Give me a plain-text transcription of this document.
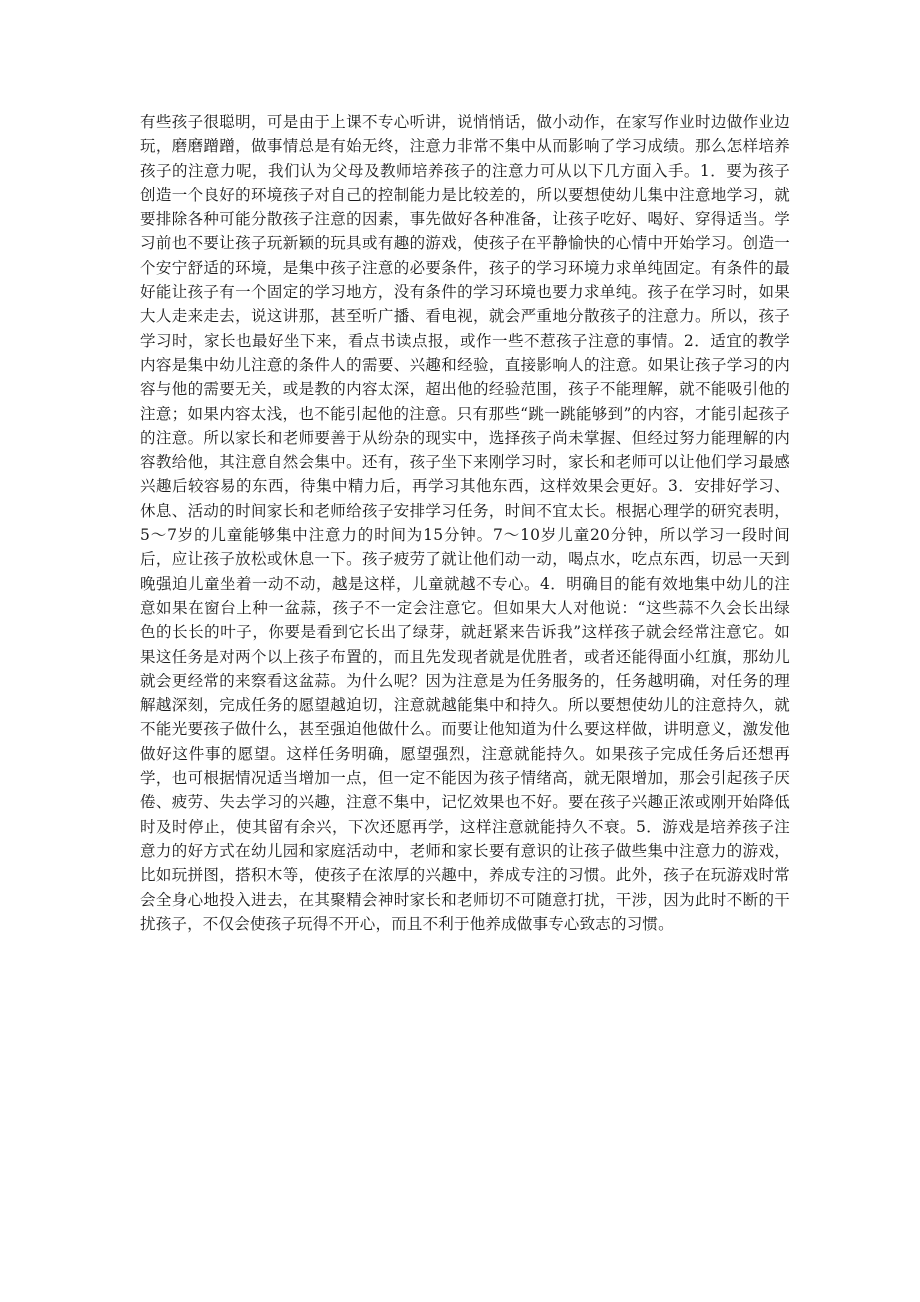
有些孩子很聪明，可是由于上课不专心听讲，说悄悄话，做小动作，在家写作业时边做作业边玩，磨磨蹭蹭，做事情总是有始无终，注意力非常不集中从而影响了学习成绩。那么怎样培养孩子的注意力呢，我们认为父母及教师培养孩子的注意力可从以下几方面入手。1．要为孩子创造一个良好的环境孩子对自己的控制能力是比较差的，所以要想使幼儿集中注意地学习，就要排除各种可能分散孩子注意的因素，事先做好各种准备，让孩子吃好、喝好、穿得适当。学习前也不要让孩子玩新颖的玩具或有趣的游戏，使孩子在平静愉快的心情中开始学习。创造一个安宁舒适的环境，是集中孩子注意的必要条件，孩子的学习环境力求单纯固定。有条件的最好能让孩子有一个固定的学习地方，没有条件的学习环境也要力求单纯。孩子在学习时，如果大人走来走去，说这讲那，甚至听广播、看电视，就会严重地分散孩子的注意力。所以，孩子学习时，家长也最好坐下来，看点书读点报，或作一些不惹孩子注意的事情。2．适宜的教学内容是集中幼儿注意的条件人的需要、兴趣和经验，直接影响人的注意。如果让孩子学习的内容与他的需要无关，或是教的内容太深，超出他的经验范围，孩子不能理解，就不能吸引他的注意；如果内容太浅，也不能引起他的注意。只有那些“跳一跳能够到”的内容，才能引起孩子的注意。所以家长和老师要善于从纷杂的现实中，选择孩子尚未掌握、但经过努力能理解的内容教给他，其注意自然会集中。还有，孩子坐下来刚学习时，家长和老师可以让他们学习最感兴趣后较容易的东西，待集中精力后，再学习其他东西，这样效果会更好。3．安排好学习、休息、活动的时间家长和老师给孩子安排学习任务，时间不宜太长。根据心理学的研究表明，5～7岁的儿童能够集中注意力的时间为15分钟。7～10岁儿童20分钟，所以学习一段时间后，应让孩子放松或休息一下。孩子疲劳了就让他们动一动，喝点水，吃点东西，切忌一天到晚强迫儿童坐着一动不动，越是这样，儿童就越不专心。4．明确目的能有效地集中幼儿的注意如果在窗台上种一盆蒜，孩子不一定会注意它。但如果大人对他说：“这些蒜不久会长出绿色的长长的叶子，你要是看到它长出了绿芽，就赶紧来告诉我”这样孩子就会经常注意它。如果这任务是对两个以上孩子布置的，而且先发现者就是优胜者，或者还能得面小红旗，那幼儿就会更经常的来察看这盆蒜。为什么呢？因为注意是为任务服务的，任务越明确，对任务的理解越深刻，完成任务的愿望越迫切，注意就越能集中和持久。所以要想使幼儿的注意持久，就不能光要孩子做什么，甚至强迫他做什么。而要让他知道为什么要这样做，讲明意义，激发他做好这件事的愿望。这样任务明确，愿望强烈，注意就能持久。如果孩子完成任务后还想再学，也可根据情况适当增加一点，但一定不能因为孩子情绪高，就无限增加，那会引起孩子厌倦、疲劳、失去学习的兴趣，注意不集中，记忆效果也不好。要在孩子兴趣正浓或刚开始降低时及时停止，使其留有余兴，下次还愿再学，这样注意就能持久不衰。5．游戏是培养孩子注意力的好方式在幼儿园和家庭活动中，老师和家长要有意识的让孩子做些集中注意力的游戏，比如玩拼图，搭积木等，使孩子在浓厚的兴趣中，养成专注的习惯。此外，孩子在玩游戏时常会全身心地投入进去，在其聚精会神时家长和老师切不可随意打扰，干涉，因为此时不断的干扰孩子，不仅会使孩子玩得不开心，而且不利于他养成做事专心致志的习惯。
